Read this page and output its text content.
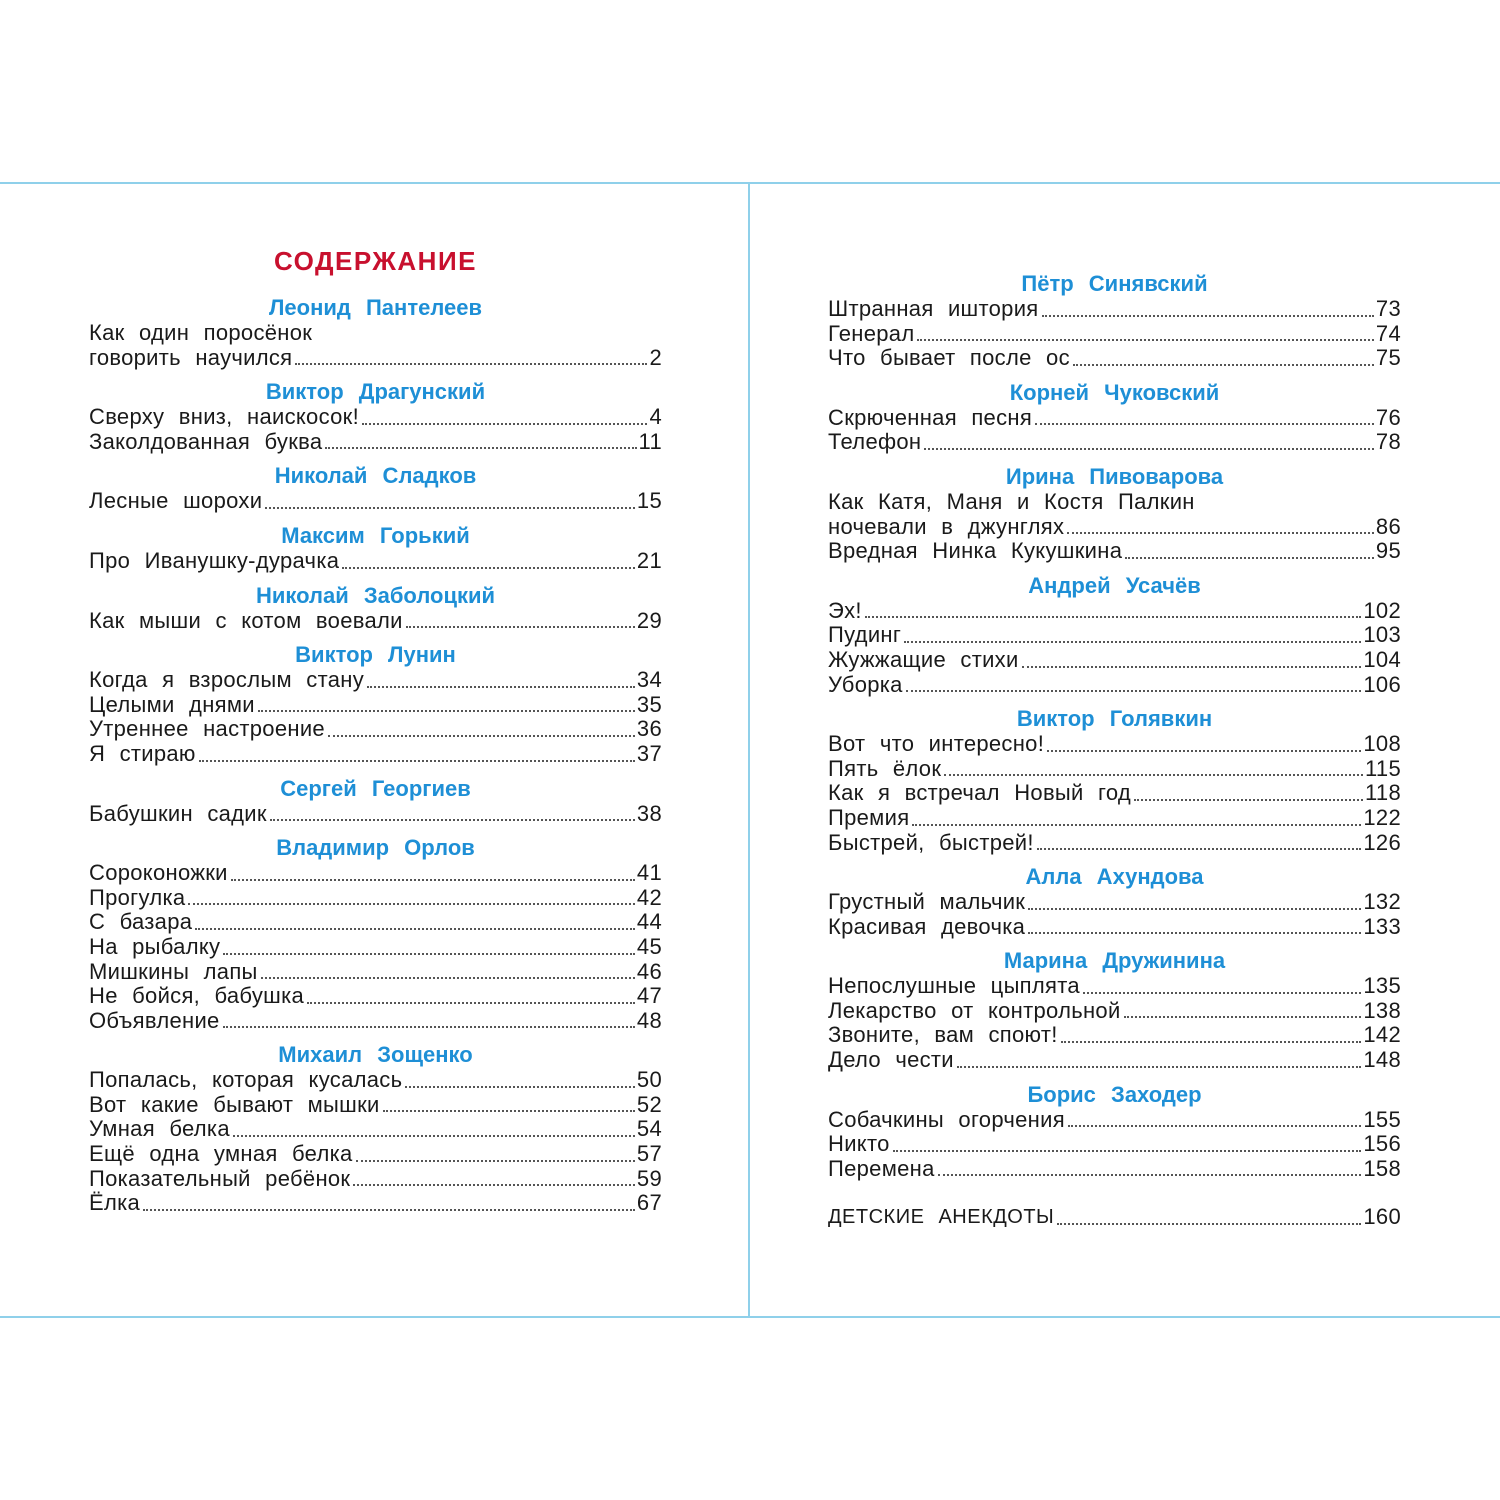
СОДЕРЖАНИЕ
Леонид Пантелеев
Как один поросёнок
говорить научился	2
Виктор Драгунский
Сверху вниз, наискосок!	4
Заколдованная буква	11
Николай Сладков
Лесные шорохи	15
Максим Горький
Про Иванушку-дурачка	21
Николай Заболоцкий
Как мыши с котом воевали	29
Виктор Лунин
Когда я взрослым стану	34
Целыми днями	35
Утреннее настроение	36
Я стираю	37
Сергей Георгиев
Бабушкин садик	38
Владимир Орлов
Сороконожки	41
Прогулка	42
С базара	44
На рыбалку	45
Мишкины лапы	46
Не бойся, бабушка	47
Объявление	48
Михаил Зощенко
Попалась, которая кусалась	50
Вот какие бывают мышки	52
Умная белка	54
Ещё одна умная белка	57
Показательный ребёнок	59
Ёлка	67
Пётр Синявский
Штранная иштория	73
Генерал	74
Что бывает после ос	75
Корней Чуковский
Скрюченная песня	76
Телефон	78
Ирина Пивоварова
Как Катя, Маня и Костя Палкин
ночевали в джунглях	86
Вредная Нинка Кукушкина	95
Андрей Усачёв
Эх!	102
Пудинг	103
Жужжащие стихи	104
Уборка	106
Виктор Голявкин
Вот что интересно!	108
Пять ёлок	115
Как я встречал Новый год	118
Премия	122
Быстрей, быстрей!	126
Алла Ахундова
Грустный мальчик	132
Красивая девочка	133
Марина Дружинина
Непослушные цыплята	135
Лекарство от контрольной	138
Звоните, вам споют!	142
Дело чести	148
Борис Заходер
Собачкины огорчения	155
Никто	156
Перемена	158
ДЕТСКИЕ АНЕКДОТЫ	160
